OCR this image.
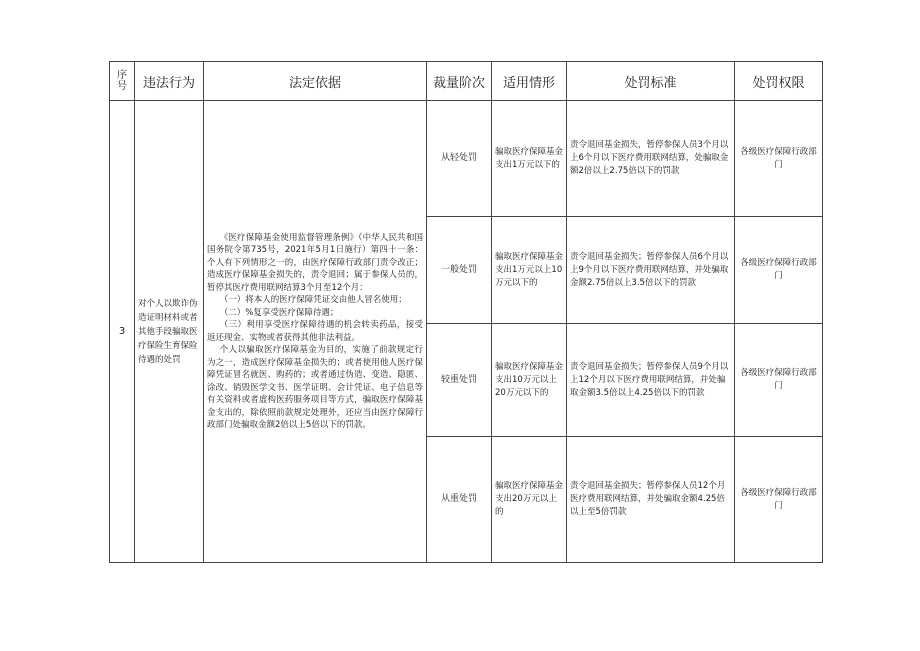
序号	违法行为	法定依据	裁量阶次	适用情形	处罚标准	处罚权限
3	对个人以欺诈伪造证明材料或者其他手段骗取医疗保险生育保险待遇的处罚	《医疗保障基金使用监督管理条例》（中华人民共和国国务院令第735号，2021年5月1日施行）第四十一条：个人有下列情形之一的，由医疗保障行政部门责令改正；造成医疗保障基金损失的，责令退回；属于参保人员的，暂停其医疗费用联网结算3个月至12个月：

（一）将本人的医疗保障凭证交由他人冒名使用；

（二）%复享受医疗保障待遇；

（三）利用享受医疗保障待遇的机会转卖药品，接受返还现金、实物或者获得其他非法利益。

个人以骗取医疗保障基金为目的，实施了前款规定行为之一，造成医疗保障基金损失的；或者使用他人医疗保障凭证冒名就医、购药的；或者通过伪造、变造、隐匿、涂改、销毁医学文书、医学证明、会计凭证、电子信息等有关资料或者虚构医药服务项目等方式，骗取医疗保障基金支出的，除依照前款规定处理外，还应当由医疗保障行政部门处骗取金额2倍以上5倍以下的罚款。	从轻处罚	骗取医疗保障基金支出1万元以下的	责令退回基金损失，暂停参保人员3个月以上6个月以下医疗费用联网结算，处骗取金额2倍以上2.75倍以下的罚款	各级医疗保障行政部门
			一般处罚	骗取医疗保障基金支出1万元以上10万元以下的	责令退回基金损失；暂停参保人员6个月以上9个月以下医疗费用联网结算，并处骗取金额2.75倍以上3.5倍以下的罚款	各级医疗保障行政部门
			较重处罚	骗取医疗保障基金支出10万元以上20万元以下的	责令退回基金损失；暂停参保人员9个月以上12个月以下医疗费用联网结算，并处骗取金额3.5倍以上4.25倍以下的罚款	各级医疗保障行政部门
			从重处罚	骗取医疗保障基金支出20万元以上的	责令退回基金损失；暂停参保人员12个月医疗费用联网结算，并处骗取金额4.25倍以上至5倍罚款	各级医疗保障行政部门
